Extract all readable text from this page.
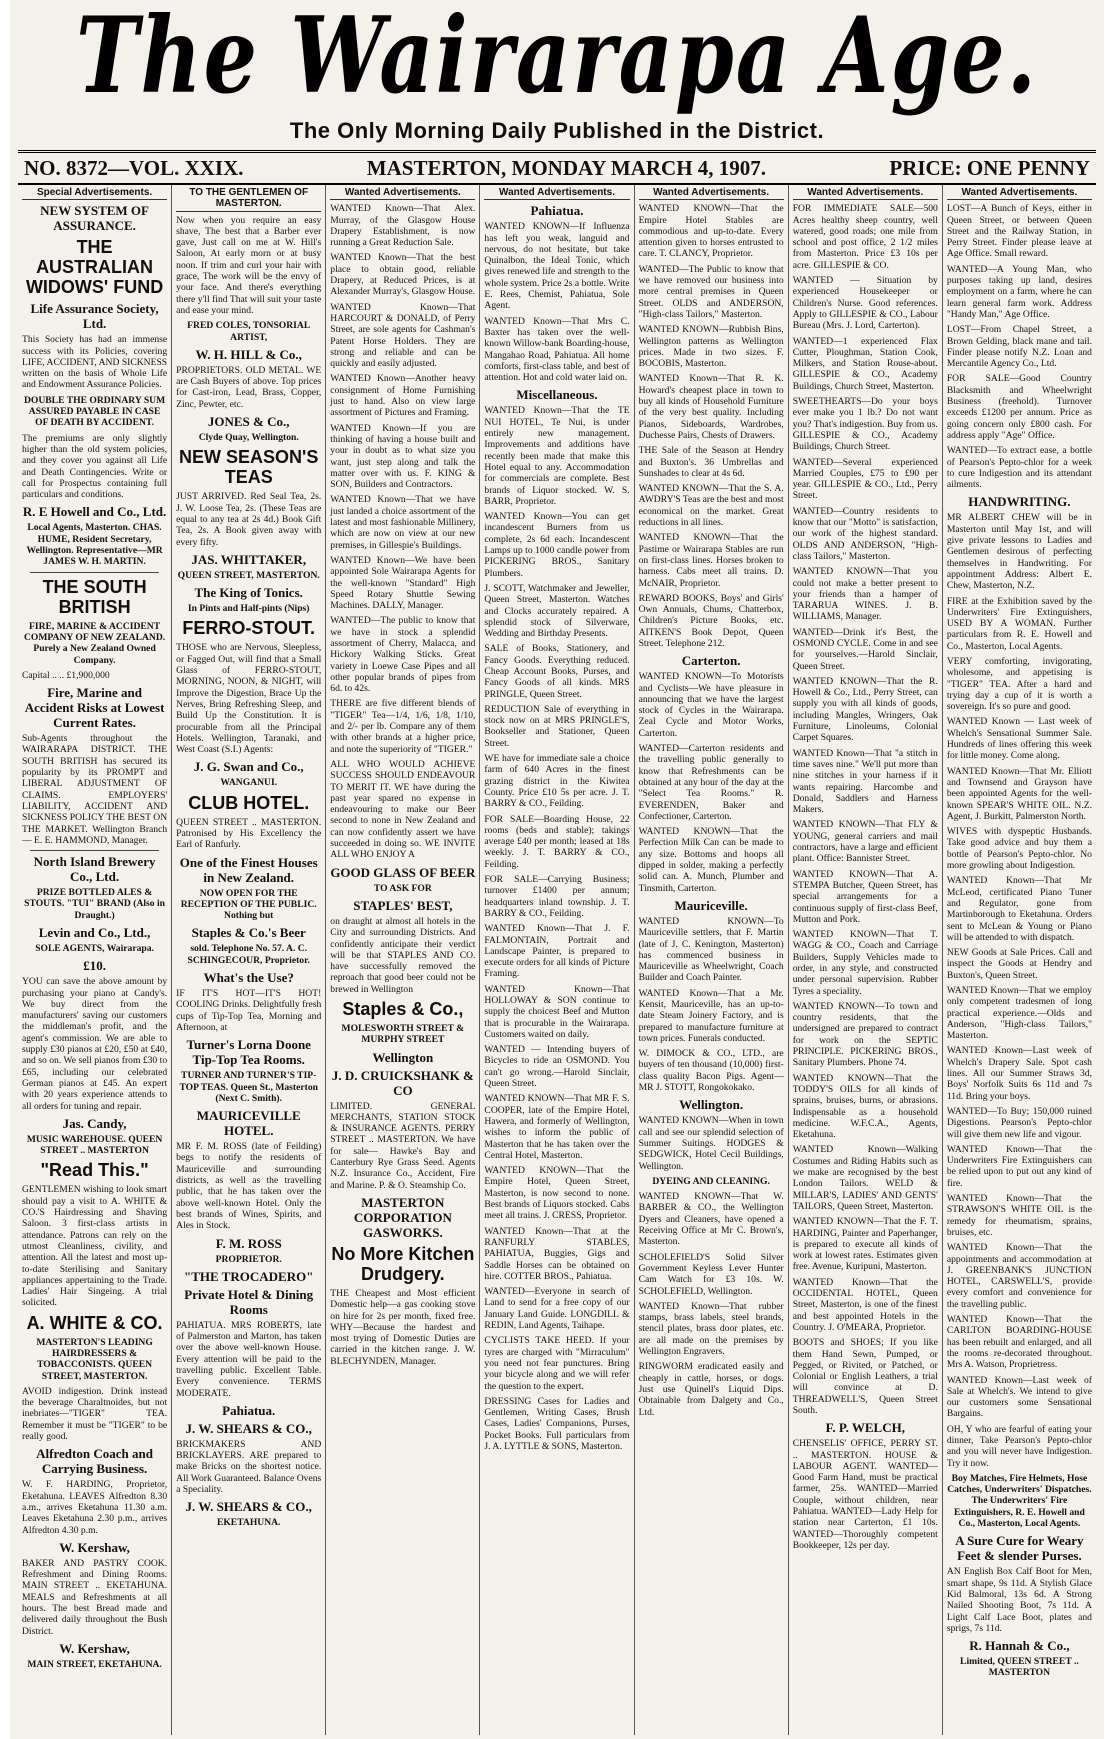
The Wairarapa Age.
The Only Morning Daily Published in the District.
NO. 8372—VOL. XXIX.	MASTERTON, MONDAY MARCH 4, 1907.	PRICE: ONE PENNY
Special Advertisements.
NEW SYSTEM OF ASSURANCE.
THE AUSTRALIAN WIDOWS' FUND
Life Assurance Society, Ltd.
This Society has had an immense success with its Policies, covering LIFE, ACCIDENT, AND SICKNESS written on the basis of Whole Life and Endowment Assurance Policies.
DOUBLE THE ORDINARY SUM ASSURED PAYABLE IN CASE OF DEATH BY ACCIDENT.
The premiums are only slightly higher than the old system policies, and they cover you against all Life and Death Contingencies. Write or call for Prospectus containing full particulars and conditions.
R. E Howell and Co., Ltd.
Local Agents, Masterton. CHAS. HUME, Resident Secretary, Wellington. Representative—MR JAMES W. H. MARTIN.
THE SOUTH BRITISH
FIRE, MARINE & ACCIDENT COMPANY OF NEW ZEALAND. Purely a New Zealand Owned Company.
Capital .. .. £1,900,000
Fire, Marine and Accident Risks at Lowest Current Rates.
Sub-Agents throughout the WAIRARAPA DISTRICT. THE SOUTH BRITISH has secured its popularity by its PROMPT and LIBERAL ADJUSTMENT OF CLAIMS. EMPLOYERS' LIABILITY, ACCIDENT AND SICKNESS POLICY THE BEST ON THE MARKET. Wellington Branch— E. E. HAMMOND, Manager.
North Island Brewery Co., Ltd.
PRIZE BOTTLED ALES & STOUTS. "TUI" BRAND (Also in Draught.)
Levin and Co., Ltd.,
SOLE AGENTS, Wairarapa.
£10.
YOU can save the above amount by purchasing your piano at Candy's. We buy direct from the manufacturers' saving our customers the middleman's profit, and the agent's commission. We are able to supply £30 pianos at £20, £50 at £40, and so on. We sell pianos from £30 to £65, including our celebrated German pianos at £45. An expert with 20 years experience attends to all orders for tuning and repair.
Jas. Candy,
MUSIC WAREHOUSE. QUEEN STREET .. MASTERTON
"Read This."
GENTLEMEN wishing to look smart should pay a visit to A. WHITE & CO.'S Hairdressing and Shaving Saloon. 3 first-class artists in attendance. Patrons can rely on the utmost Cleanliness, civility, and attention. All the latest and most up-to-date Sterilising and Sanitary appliances appertaining to the Trade. Ladies' Hair Singeing. A trial solicited.
A. WHITE & CO.
MASTERTON'S LEADING HAIRDRESSERS & TOBACCONISTS. QUEEN STREET, MASTERTON.
AVOID indigestion. Drink instead the beverage Charaltnoides, but not inebriates—"TIGER" TEA. Remember it must be "TIGER" to be really good.
Alfredton Coach and Carrying Business.
W. F. HARDING, Proprietor, Eketahuna. LEAVES Alfredton 8.30 a.m., arrives Eketahuna 11.30 a.m. Leaves Eketahuna 2.30 p.m., arrives Alfredton 4.30 p.m.
W. Kershaw,
BAKER AND PASTRY COOK. Refreshment and Dining Rooms. MAIN STREET .. EKETAHUNA. MEALS and Refreshments at all hours. The best Bread made and delivered daily throughout the Bush District.
W. Kershaw,
MAIN STREET, EKETAHUNA.
TO THE GENTLEMEN OF MASTERTON.
Now when you require an easy shave, The best that a Barber ever gave, Just call on me at W. Hill's Saloon, At early morn or at busy noon. If trim and curl your hair with grace, The work will be the envy of your face. And there's everything there y'll find That will suit your taste and ease your mind.
FRED COLES, TONSORIAL ARTIST,
W. H. HILL & Co.,
PROPRIETORS. OLD METAL. WE are Cash Buyers of above. Top prices for Cast-iron, Lead, Brass, Copper, Zinc, Pewter, etc.
JONES & Co.,
Clyde Quay, Wellington.
NEW SEASON'S TEAS
JUST ARRIVED. Red Seal Tea, 2s. J. W. Loose Tea, 2s. (These Teas are equal to any tea at 2s 4d.) Book Gift Tea, 2s. A Book given away with every fifty.
JAS. WHITTAKER,
QUEEN STREET, MASTERTON.
The King of Tonics.
In Pints and Half-pints (Nips)
FERRO-STOUT.
THOSE who are Nervous, Sleepless, or Fagged Out, will find that a Small Glass of FERRO-STOUT, MORNING, NOON, & NIGHT, will Improve the Digestion, Brace Up the Nerves, Bring Refreshing Sleep, and Build Up the Constitution. It is procurable from all the Principal Hotels. Wellington, Taranaki, and West Coast (S.I.) Agents:
J. G. Swan and Co.,
WANGANUI.
CLUB HOTEL.
QUEEN STREET .. MASTERTON. Patronised by His Excellency the Earl of Ranfurly.
One of the Finest Houses in New Zealand.
NOW OPEN FOR THE RECEPTION OF THE PUBLIC. Nothing but
Staples & Co.'s Beer
sold. Telephone No. 57. A. C. SCHINGECOUR, Proprietor.
What's the Use?
IF IT'S HOT—IT'S HOT! COOLING Drinks. Delightfully fresh cups of Tip-Top Tea, Morning and Afternoon, at
Turner's Lorna Doone Tip-Top Tea Rooms.
TURNER AND TURNER'S TIP-TOP TEAS. Queen St., Masterton (Next C. Smith).
MAURICEVILLE HOTEL.
MR F. M. ROSS (late of Feilding) begs to notify the residents of Mauriceville and surrounding districts, as well as the travelling public, that he has taken over the above well-known Hotel. Only the best brands of Wines, Spirits, and Ales in Stock.
F. M. ROSS
PROPRIETOR.
"THE TROCADERO"
Private Hotel & Dining Rooms
PAHIATUA. MRS ROBERTS, late of Palmerston and Marton, has taken over the above well-known House. Every attention will be paid to the travelling public. Excellent Table. Every convenience. TERMS MODERATE.
Pahiatua.
J. W. SHEARS & CO.,
BRICKMAKERS AND BRICKLAYERS. ARE prepared to make Bricks on the shortest notice. All Work Guaranteed. Balance Ovens a Speciality.
J. W. SHEARS & CO.,
EKETAHUNA.
Wanted Advertisements.
WANTED Known—That Alex. Murray, of the Glasgow House Drapery Establishment, is now running a Great Reduction Sale.
WANTED Known—That the best place to obtain good, reliable Drapery, at Reduced Prices, is at Alexander Murray's, Glasgow House.
WANTED Known—That HARCOURT & DONALD, of Perry Street, are sole agents for Cashman's Patent Horse Holders. They are strong and reliable and can be quickly and easily adjusted.
WANTED Known—Another heavy consignment of Home Furnishing just to hand. Also on view large assortment of Pictures and Framing.
WANTED Known—If you are thinking of having a house built and your in doubt as to what size you want, just step along and talk the matter over with us. F. KING & SON, Builders and Contractors.
WANTED Known—That we have just landed a choice assortment of the latest and most fashionable Millinery, which are now on view at our new premises, in Gillespie's Buildings.
WANTED Known—We have been appointed Sole Wairarapa Agents for the well-known "Standard" High Speed Rotary Shuttle Sewing Machines. DALLY, Manager.
WANTED—The public to know that we have in stock a splendid assortment of Cherry, Malacca, and Hickory Walking Sticks. Great variety in Loewe Case Pipes and all other popular brands of pipes from 6d. to 42s.
THERE are five different blends of "TIGER" Tea—1/4, 1/6, 1/8, 1/10, and 2/- per lb. Compare any of them with other brands at a higher price, and note the superiority of "TIGER."
ALL WHO WOULD ACHIEVE SUCCESS SHOULD ENDEAVOUR TO MERIT IT. WE have during the past year spared no expense in endeavouring to make our Beer second to none in New Zealand and can now confidently assert we have succeeded in doing so. WE INVITE ALL WHO ENJOY A
GOOD GLASS OF BEER
TO ASK FOR
STAPLES' BEST,
on draught at almost all hotels in the City and surrounding Districts. And confidently anticipate their verdict will be that STAPLES AND CO. have successfully removed the reproach that good beer could not be brewed in Wellington
Staples & Co.,
MOLESWORTH STREET & MURPHY STREET
Wellington
J. D. CRUICKSHANK & CO
LIMITED. GENERAL MERCHANTS, STATION STOCK & INSURANCE AGENTS. PERRY STREET .. MASTERTON. We have for sale— Hawke's Bay and Canterbury Rye Grass Seed. Agents N.Z. Insurance Co., Accident, Fire and Marine. P. & O. Steamship Co.
MASTERTON CORPORATION GASWORKS.
No More Kitchen Drudgery.
THE Cheapest and Most efficient Domestic help—a gas cooking stove on hire for 2s per month, fixed free. WHY—Because the hardest and most trying of Domestic Duties are carried in the kitchen range. J. W. BLECHYNDEN, Manager.
Wanted Advertisements.
Pahiatua.
WANTED KNOWN—If Influenza has left you weak, languid and nervous, do not hesitate, but take Quinalbon, the Ideal Tonic, which gives renewed life and strength to the whole system. Price 2s a bottle. Write E. Rees, Chemist, Pahiatua, Sole Agent.
WANTED Known—That Mrs C. Baxter has taken over the well-known Willow-bank Boarding-house, Mangahao Road, Pahiatua. All home comforts, first-class table, and best of attention. Hot and cold water laid on.
Miscellaneous.
WANTED Known—That the TE NUI HOTEL, Te Nui, is under entirely new management. Improvements and additions have recently been made that make this Hotel equal to any. Accommodation for commercials are complete. Best brands of Liquor stocked. W. S. BARR, Proprietor.
WANTED Known—You can get incandescent Burners from us complete, 2s 6d each. Incandescent Lamps up to 1000 candle power from PICKERING BROS., Sanitary Plumbers.
J. SCOTT, Watchmaker and Jeweller, Queen Street, Masterton. Watches and Clocks accurately repaired. A splendid stock of Silverware, Wedding and Birthday Presents.
SALE of Books, Stationery, and Fancy Goods. Everything reduced. Cheap Account Books, Purses, and Fancy Goods of all kinds. MRS PRINGLE, Queen Street.
REDUCTION Sale of everything in stock now on at MRS PRINGLE'S, Bookseller and Stationer, Queen Street.
WE have for immediate sale a choice farm of 640 Acres in the finest grazing district in the Kiwitea County. Price £10 5s per acre. J. T. BARRY & CO., Feilding.
FOR SALE—Boarding House, 22 rooms (beds and stable); takings average £40 per month; leased at 18s weekly. J. T. BARRY & CO., Feilding.
FOR SALE—Carrying Business; turnover £1400 per annum; headquarters inland township. J. T. BARRY & CO., Feilding.
WANTED Known—That J. F. FALMONTAIN, Portrait and Landscape Painter, is prepared to execute orders for all kinds of Picture Framing.
WANTED Known—That HOLLOWAY & SON continue to supply the choicest Beef and Mutton that is procurable in the Wairarapa. Customers waited on daily.
WANTED — Intending buyers of Bicycles to ride an OSMOND. You can't go wrong.—Harold Sinclair, Queen Street.
WANTED KNOWN—That MR F. S. COOPER, late of the Empire Hotel, Hawera, and formerly of Wellington, wishes to inform the public of Masterton that he has taken over the Central Hotel, Masterton.
WANTED KNOWN—That the Empire Hotel, Queen Street, Masterton, is now second to none. Best brands of Liquors stocked. Cabs meet all trains. J. CRESS, Proprietor.
WANTED Known—That at the RANFURLY STABLES, PAHIATUA, Buggies, Gigs and Saddle Horses can be obtained on hire. COTTER BROS., Pahiatua.
WANTED—Everyone in search of Land to send for a free copy of our January Land Guide. LONGDILL & REDIN, Land Agents, Taihape.
CYCLISTS TAKE HEED. If your tyres are charged with "Mirraculum" you need not fear punctures. Bring your bicycle along and we will refer the question to the expert.
DRESSING Cases for Ladies and Gentlemen, Writing Cases, Brush Cases, Ladies' Companions, Purses, Pocket Books. Full particulars from J. A. LYTTLE & SONS, Masterton.
Wanted Advertisements.
WANTED KNOWN—That the Empire Hotel Stables are commodious and up-to-date. Every attention given to horses entrusted to care. T. CLANCY, Proprietor.
WANTED—The Public to know that we have removed our business into more central premises in Queen Street. OLDS and ANDERSON, "High-class Tailors," Masterton.
WANTED KNOWN—Rubbish Bins, Wellington patterns as Wellington prices. Made in two sizes. F. BOCOBIS, Masterton.
WANTED Known—That R. K. Howard's cheapest place in town to buy all kinds of Household Furniture of the very best quality. Including Pianos, Sideboards, Wardrobes, Duchesse Pairs, Chests of Drawers.
THE Sale of the Season at Hendry and Buxton's. 36 Umbrellas and Sunshades to clear at 4s 6d.
WANTED KNOWN—That the S. A. AWDRY'S Teas are the best and most economical on the market. Great reductions in all lines.
WANTED KNOWN—That the Pastime or Wairarapa Stables are run on first-class lines. Horses broken to harness. Cabs meet all trains. D. McNAIR, Proprietor.
REWARD BOOKS, Boys' and Girls' Own Annuals, Chums, Chatterbox, Children's Picture Books, etc. AITKEN'S Book Depot, Queen Street. Telephone 212.
Carterton.
WANTED KNOWN—To Motorists and Cyclists—We have pleasure in announcing that we have the largest stock of Cycles in the Wairarapa. Zeal Cycle and Motor Works, Carterton.
WANTED—Carterton residents and the travelling public generally to know that Refreshments can be obtained at any hour of the day at the "Select Tea Rooms." R. EVERENDEN, Baker and Confectioner, Carterton.
WANTED KNOWN—That the Perfection Milk Can can be made to any size. Bottoms and hoops all dipped in solder, making a perfectly solid can. A. Munch, Plumber and Tinsmith, Carterton.
Mauriceville.
WANTED KNOWN—To Mauriceville settlers, that F. Martin (late of J. C. Kenington, Masterton) has commenced business in Mauriceville as Wheelwright, Coach Builder and Coach Painter.
WANTED Known—That a Mr. Kensit, Mauriceville, has an up-to-date Steam Joinery Factory, and is prepared to manufacture furniture at town prices. Funerals conducted.
W. DIMOCK & CO., LTD., are buyers of ten thousand (10,000) first-class quality Bacon Pigs. Agent—MR J. STOTT, Rongokokako.
Wellington.
WANTED KNOWN—When in town call and see our splendid selection of Summer Suitings. HODGES & SEDGWICK, Hotel Cecil Buildings, Wellington.
DYEING AND CLEANING.
WANTED KNOWN—That W. BARBER & CO., the Wellington Dyers and Cleaners, have opened a Receiving Office at Mr C. Brown's, Masterton.
SCHOLEFIELD'S Solid Silver Government Keyless Lever Hunter Cam Watch for £3 10s. W. SCHOLEFIELD, Wellington.
WANTED Known—That rubber stamps, brass labels, steel brands, stencil plates, brass door plates, etc. are all made on the premises by Wellington Engravers.
RINGWORM eradicated easily and cheaply in cattle, horses, or dogs. Just use Quinell's Liquid Dips. Obtainable from Dalgety and Co., Ltd.
Wanted Advertisements.
FOR IMMEDIATE SALE—500 Acres healthy sheep country, well watered, good roads; one mile from school and post office, 2 1/2 miles from Masterton. Price £3 10s per acre. GILLESPIE & CO.
WANTED — Situation by experienced Housekeeper or Children's Nurse. Good references. Apply to GILLESPIE & CO., Labour Bureau (Mrs. J. Lord, Carterton).
WANTED—1 experienced Flax Cutter, Ploughman, Station Cook, Milkers, and Station Rouse-about. GILLESPIE & CO., Academy Buildings, Church Street, Masterton.
SWEETHEARTS—Do your boys ever make you 1 lb.? Do not want you? That's indigestion. Buy from us. GILLESPIE & CO., Academy Buildings, Church Street.
WANTED—Several experienced Married Couples, £75 to £90 per year. GILLESPIE & CO., Ltd., Perry Street.
WANTED—Country residents to know that our "Motto" is satisfaction, our work of the highest standard. OLDS AND ANDERSON, "High-class Tailors," Masterton.
WANTED KNOWN—That you could not make a better present to your friends than a hamper of TARARUA WINES. J. B. WILLIAMS, Manager.
WANTED—Drink it's Best, the OSMOND CYCLE. Come in and see for yourselves.—Harold Sinclair, Queen Street.
WANTED KNOWN—That the R. Howell & Co., Ltd., Perry Street, can supply you with all kinds of goods, including Mangles, Wringers, Oak Furniture, Linoleums, Colonial Carpet Squares.
WANTED Known—That "a stitch in time saves nine." We'll put more than nine stitches in your harness if it wants repairing. Harcombe and Donald, Saddlers and Harness Makers.
WANTED KNOWN—That FLY & YOUNG, general carriers and mail contractors, have a large and efficient plant. Office: Bannister Street.
WANTED KNOWN—That A. STEMPA Butcher, Queen Street, has special arrangements for a continuous supply of first-class Beef, Mutton and Pork.
WANTED KNOWN—That T. WAGG & CO., Coach and Carriage Builders, Supply Vehicles made to order, in any style, and constructed under personal supervision. Rubber Tyres a speciality.
WANTED KNOWN—To town and country residents, that the undersigned are prepared to contract for work on the SEPTIC PRINCIPLE. PICKERING BROS., Sanitary Plumbers. Phone 74.
WANTED KNOWN—That the TODDY'S OILS for all kinds of sprains, bruises, burns, or abrasions. Indispensable as a household medicine. W.F.C.A., Agents, Eketahuna.
WANTED Known—Walking Costumes and Riding Habits such as we make are recognised by the best London Tailors. WELD & MILLAR'S, LADIES' AND GENTS' TAILORS, Queen Street, Masterton.
WANTED KNOWN—That the F. T. HARDING, Painter and Paperhanger, is prepared to execute all kinds of work at lowest rates. Estimates given free. Avenue, Kuripuni, Masterton.
WANTED Known—That the OCCIDENTAL HOTEL, Queen Street, Masterton, is one of the finest and best appointed Hotels in the Country. J. O'MEARA, Proprietor.
BOOTS and SHOES; If you like them Hand Sewn, Pumped, or Pegged, or Rivited, or Patched, or Colonial or English Leathers, a trial will convince at D. THREADWELL'S, Queen Street South.
F. P. WELCH,
CHENSELIS' OFFICE, PERRY ST. .. MASTERTON. HOUSE & LABOUR AGENT. WANTED—Good Farm Hand, must be practical farmer, 25s. WANTED—Married Couple, without children, near Pahiatua. WANTED—Lady Help for station near Carterton, £1 10s. WANTED—Thoroughly competent Bookkeeper, 12s per day.
Wanted Advertisements.
LOST—A Bunch of Keys, either in Queen Street, or between Queen Street and the Railway Station, in Perry Street. Finder please leave at Age Office. Small reward.
WANTED—A Young Man, who purposes taking up land, desires employment on a farm, where he can learn general farm work. Address "Handy Man," Age Office.
LOST—From Chapel Street, a Brown Gelding, black mane and tail. Finder please notify N.Z. Loan and Mercantile Agency Co., Ltd.
FOR SALE—Good Country Blacksmith and Wheelwright Business (freehold). Turnover exceeds £1200 per annum. Price as going concern only £800 cash. For address apply "Age" Office.
WANTED—To extract ease, a bottle of Pearson's Pepto-chlor for a week to cure Indigestion and its attendant ailments.
HANDWRITING.
MR ALBERT CHEW will be in Masterton until May 1st, and will give private lessons to Ladies and Gentlemen desirous of perfecting themselves in Handwriting. For appointment Address: Albert E. Chew, Masterton, N.Z.
FIRE at the Exhibition saved by the Underwriters' Fire Extinguishers, USED BY A WOMAN. Further particulars from R. E. Howell and Co., Masterton, Local Agents.
VERY comforting, invigorating, wholesome, and appetising is "TIGER" TEA. After a hard and trying day a cup of it is worth a sovereign. It's so pure and good.
WANTED Known — Last week of Whelch's Sensational Summer Sale. Hundreds of lines offering this week for little money. Come along.
WANTED Known—That Mr. Elliott and Townsend and Grayson have been appointed Agents for the well-known SPEAR'S WHITE OIL. N.Z. Agent, J. Burkitt, Palmerston North.
WIVES with dyspeptic Husbands. Take good advice and buy them a bottle of Pearson's Pepto-chlor. No more growling about Indigestion.
WANTED Known—That Mr McLeod, certificated Piano Tuner and Regulator, gone from Martinborough to Eketahuna. Orders sent to McLean & Young or Piano will be attended to with dispatch.
NEW Goods at Sale Prices. Call and inspect the Goods at Hendry and Buxton's, Queen Street.
WANTED Known—That we employ only competent tradesmen of long practical experience.—Olds and Anderson, "High-class Tailors," Masterton.
WANTED Known—Last week of Whelch's Drapery Sale. Spot cash lines. All our Summer Straws 3d, Boys' Norfolk Suits 6s 11d and 7s 11d. Bring your boys.
WANTED—To Buy; 150,000 ruined Digestions. Pearson's Pepto-chlor will give them new life and vigour.
WANTED Known—That the Underwriters Fire Extinguishers can be relied upon to put out any kind of fire.
WANTED Known—That the STRAWSON'S WHITE OIL is the remedy for rheumatism, sprains, bruises, etc.
WANTED Known—That the appointments and accommodation at J. GREENBANK'S JUNCTION HOTEL, CARSWELL'S, provide every comfort and convenience for the travelling public.
WANTED Known—That the CARLTON BOARDING-HOUSE has been rebuilt and enlarged, and all the rooms re-decorated throughout. Mrs A. Watson, Proprietress.
WANTED Known—Last week of Sale at Whelch's. We intend to give our customers some Sensational Bargains.
OH, Y who are fearful of eating your dinner, Take Pearson's Pepto-chlor and you will never have Indigestion. Try it now.
Boy Matches, Fire Helmets, Hose Catches, Underwriters' Dispatches. The Underwriters' Fire Extinguishers, R. E. Howell and Co., Masterton, Local Agents.
A Sure Cure for Weary Feet & slender Purses.
AN English Box Calf Boot for Men, smart shape, 9s 11d. A Stylish Glace Kid Balmoral, 13s 6d. A Strong Nailed Shooting Boot, 7s 11d. A Light Calf Lace Boot, plates and sprigs, 7s 11d.
R. Hannah & Co.,
Limited, QUEEN STREET .. MASTERTON
